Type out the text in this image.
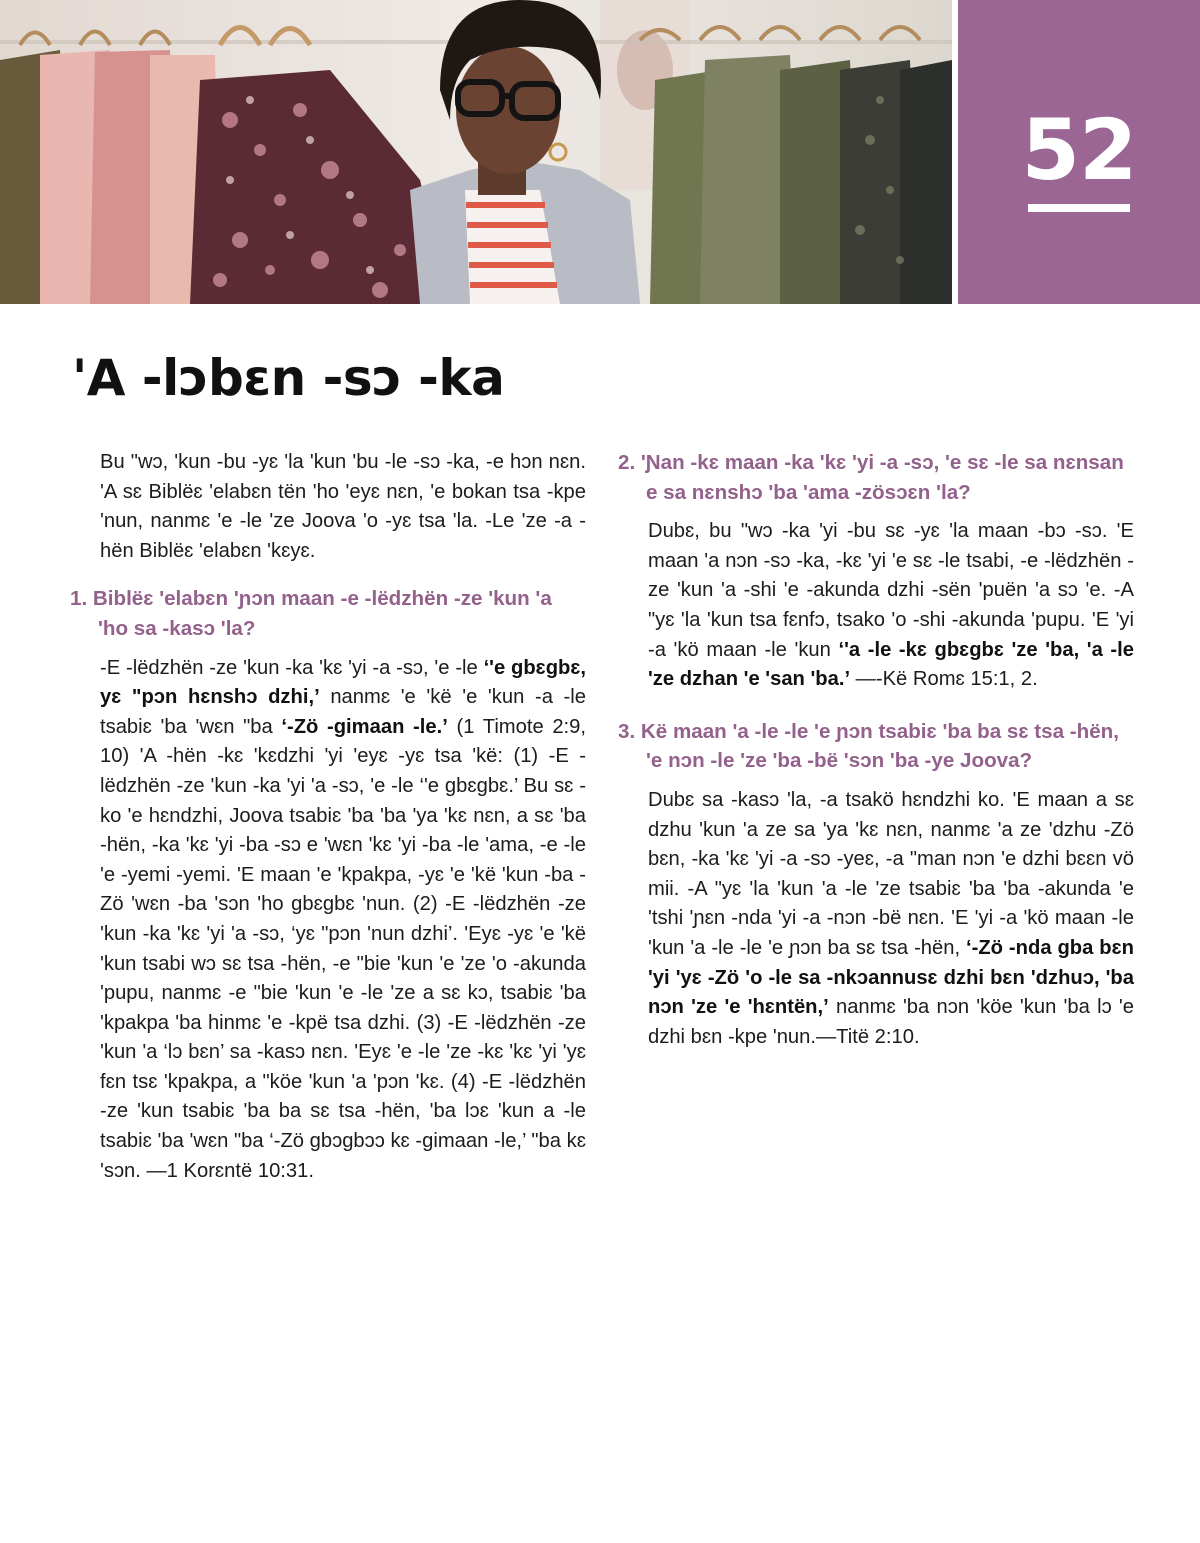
52
'A -lɔbɛn -sɔ -ka

Bu "wɔ, 'kun -bu -yɛ 'la 'kun 'bu -le -sɔ -ka, -e hɔn nɛn. 'A sɛ Biblëɛ 'elabɛn tën 'ho 'eyɛ nɛn, 'e bokan tsa -kpe 'nun, nanmɛ 'e -le 'ze Joova 'o -yɛ tsa 'la. -Le 'ze -a -hën Biblëɛ 'elabɛn 'kɛyɛ.

1. Biblëɛ 'elabɛn 'ɲɔn maan -e -lëdzhën -ze 'kun 'a 'ho sa -kasɔ 'la?

-E -lëdzhën -ze 'kun -ka 'kɛ 'yi -a -sɔ, 'e -le ‘'e gbɛgbɛ, yɛ "pɔn hɛnshɔ dzhi,’ nanmɛ 'e 'kë 'e 'kun -a -le tsabiɛ 'ba 'wɛn "ba ‘-Zö -gimaan -le.’ (1 Timote 2:9, 10) 'A -hën -kɛ 'kɛdzhi 'yi 'eyɛ -yɛ tsa 'kë: (1) -E -lëdzhën -ze 'kun -ka 'yi 'a -sɔ, 'e -le ‘'e gbɛgbɛ.’ Bu sɛ -ko 'e hɛndzhi, Joova tsabiɛ 'ba 'ba 'ya 'kɛ nɛn, a sɛ 'ba -hën, -ka 'kɛ 'yi -ba -sɔ e 'wɛn 'kɛ 'yi -ba -le 'ama, -e -le 'e -yemi -yemi. 'E maan 'e 'kpakpa, -yɛ 'e 'kë 'kun -ba -Zö 'wɛn -ba 'sɔn 'ho gbɛgbɛ 'nun. (2) -E -lëdzhën -ze 'kun -ka 'kɛ 'yi 'a -sɔ, ‘yɛ "pɔn 'nun dzhi’. 'Eyɛ -yɛ 'e 'kë 'kun tsabi wɔ sɛ tsa -hën, -e "bie 'kun 'e 'ze 'o -akunda 'pupu, nanmɛ -e "bie 'kun 'e -le 'ze a sɛ kɔ, tsabiɛ 'ba 'kpakpa 'ba hinmɛ 'e -kpë tsa dzhi. (3) -E -lëdzhën -ze 'kun 'a ‘lɔ bɛn’ sa -kasɔ nɛn. 'Eyɛ 'e -le 'ze -kɛ 'kɛ 'yi 'yɛ fɛn tsɛ 'kpakpa, a "köe 'kun 'a 'pɔn 'kɛ. (4) -E -lëdzhën -ze 'kun tsabiɛ 'ba ba sɛ tsa -hën, 'ba lɔɛ 'kun a -le tsabiɛ 'ba 'wɛn "ba ‘-Zö gbɔgbɔɔ kɛ -gimaan -le,’ "ba kɛ 'sɔn. —1 Korɛntë 10:31.

2. 'Ɲan -kɛ maan -ka 'kɛ 'yi -a -sɔ, 'e sɛ -le sa nɛnsan e sa nɛnshɔ 'ba 'ama -zösɔɛn 'la?

Dubɛ, bu "wɔ -ka 'yi -bu sɛ -yɛ 'la maan -bɔ -sɔ. 'E maan 'a nɔn -sɔ -ka, -kɛ 'yi 'e sɛ -le tsabi, -e -lëdzhën -ze 'kun 'a -shi 'e -akunda dzhi -sën 'puën 'a sɔ 'e. -A "yɛ 'la 'kun tsa fɛnfɔ, tsako 'o -shi -akunda 'pupu. 'E 'yi -a 'kö maan -le 'kun ‘'a -le -kɛ gbɛgbɛ 'ze 'ba, 'a -le 'ze dzhan 'e 'san 'ba.’ —-Kë Romɛ 15:1, 2.

3. Kë maan 'a -le -le 'e ɲɔn tsabiɛ 'ba ba sɛ tsa -hën, 'e nɔn -le 'ze 'ba -bë 'sɔn 'ba -ye Joova?

Dubɛ sa -kasɔ 'la, -a tsakö hɛndzhi ko. 'E maan a sɛ dzhu 'kun 'a ze sa 'ya 'kɛ nɛn, nanmɛ 'a ze 'dzhu -Zö bɛn, -ka 'kɛ 'yi -a -sɔ -yeɛ, -a "man nɔn 'e dzhi bɛɛn vö mii. -A "yɛ 'la 'kun 'a -le 'ze tsabiɛ 'ba 'ba -akunda 'e 'tshi 'ɲɛn -nda 'yi -a -nɔn -bë nɛn. 'E 'yi -a 'kö maan -le 'kun 'a -le -le 'e ɲɔn ba sɛ tsa -hën, ‘-Zö -nda gba bɛn 'yi 'yɛ -Zö 'o -le sa -nkɔannusɛ dzhi bɛn 'dzhuɔ, 'ba nɔn 'ze 'e 'hɛntën,’ nanmɛ 'ba nɔn 'köe 'kun 'ba lɔ 'e dzhi bɛn -kpe 'nun.—Titë 2:10.
